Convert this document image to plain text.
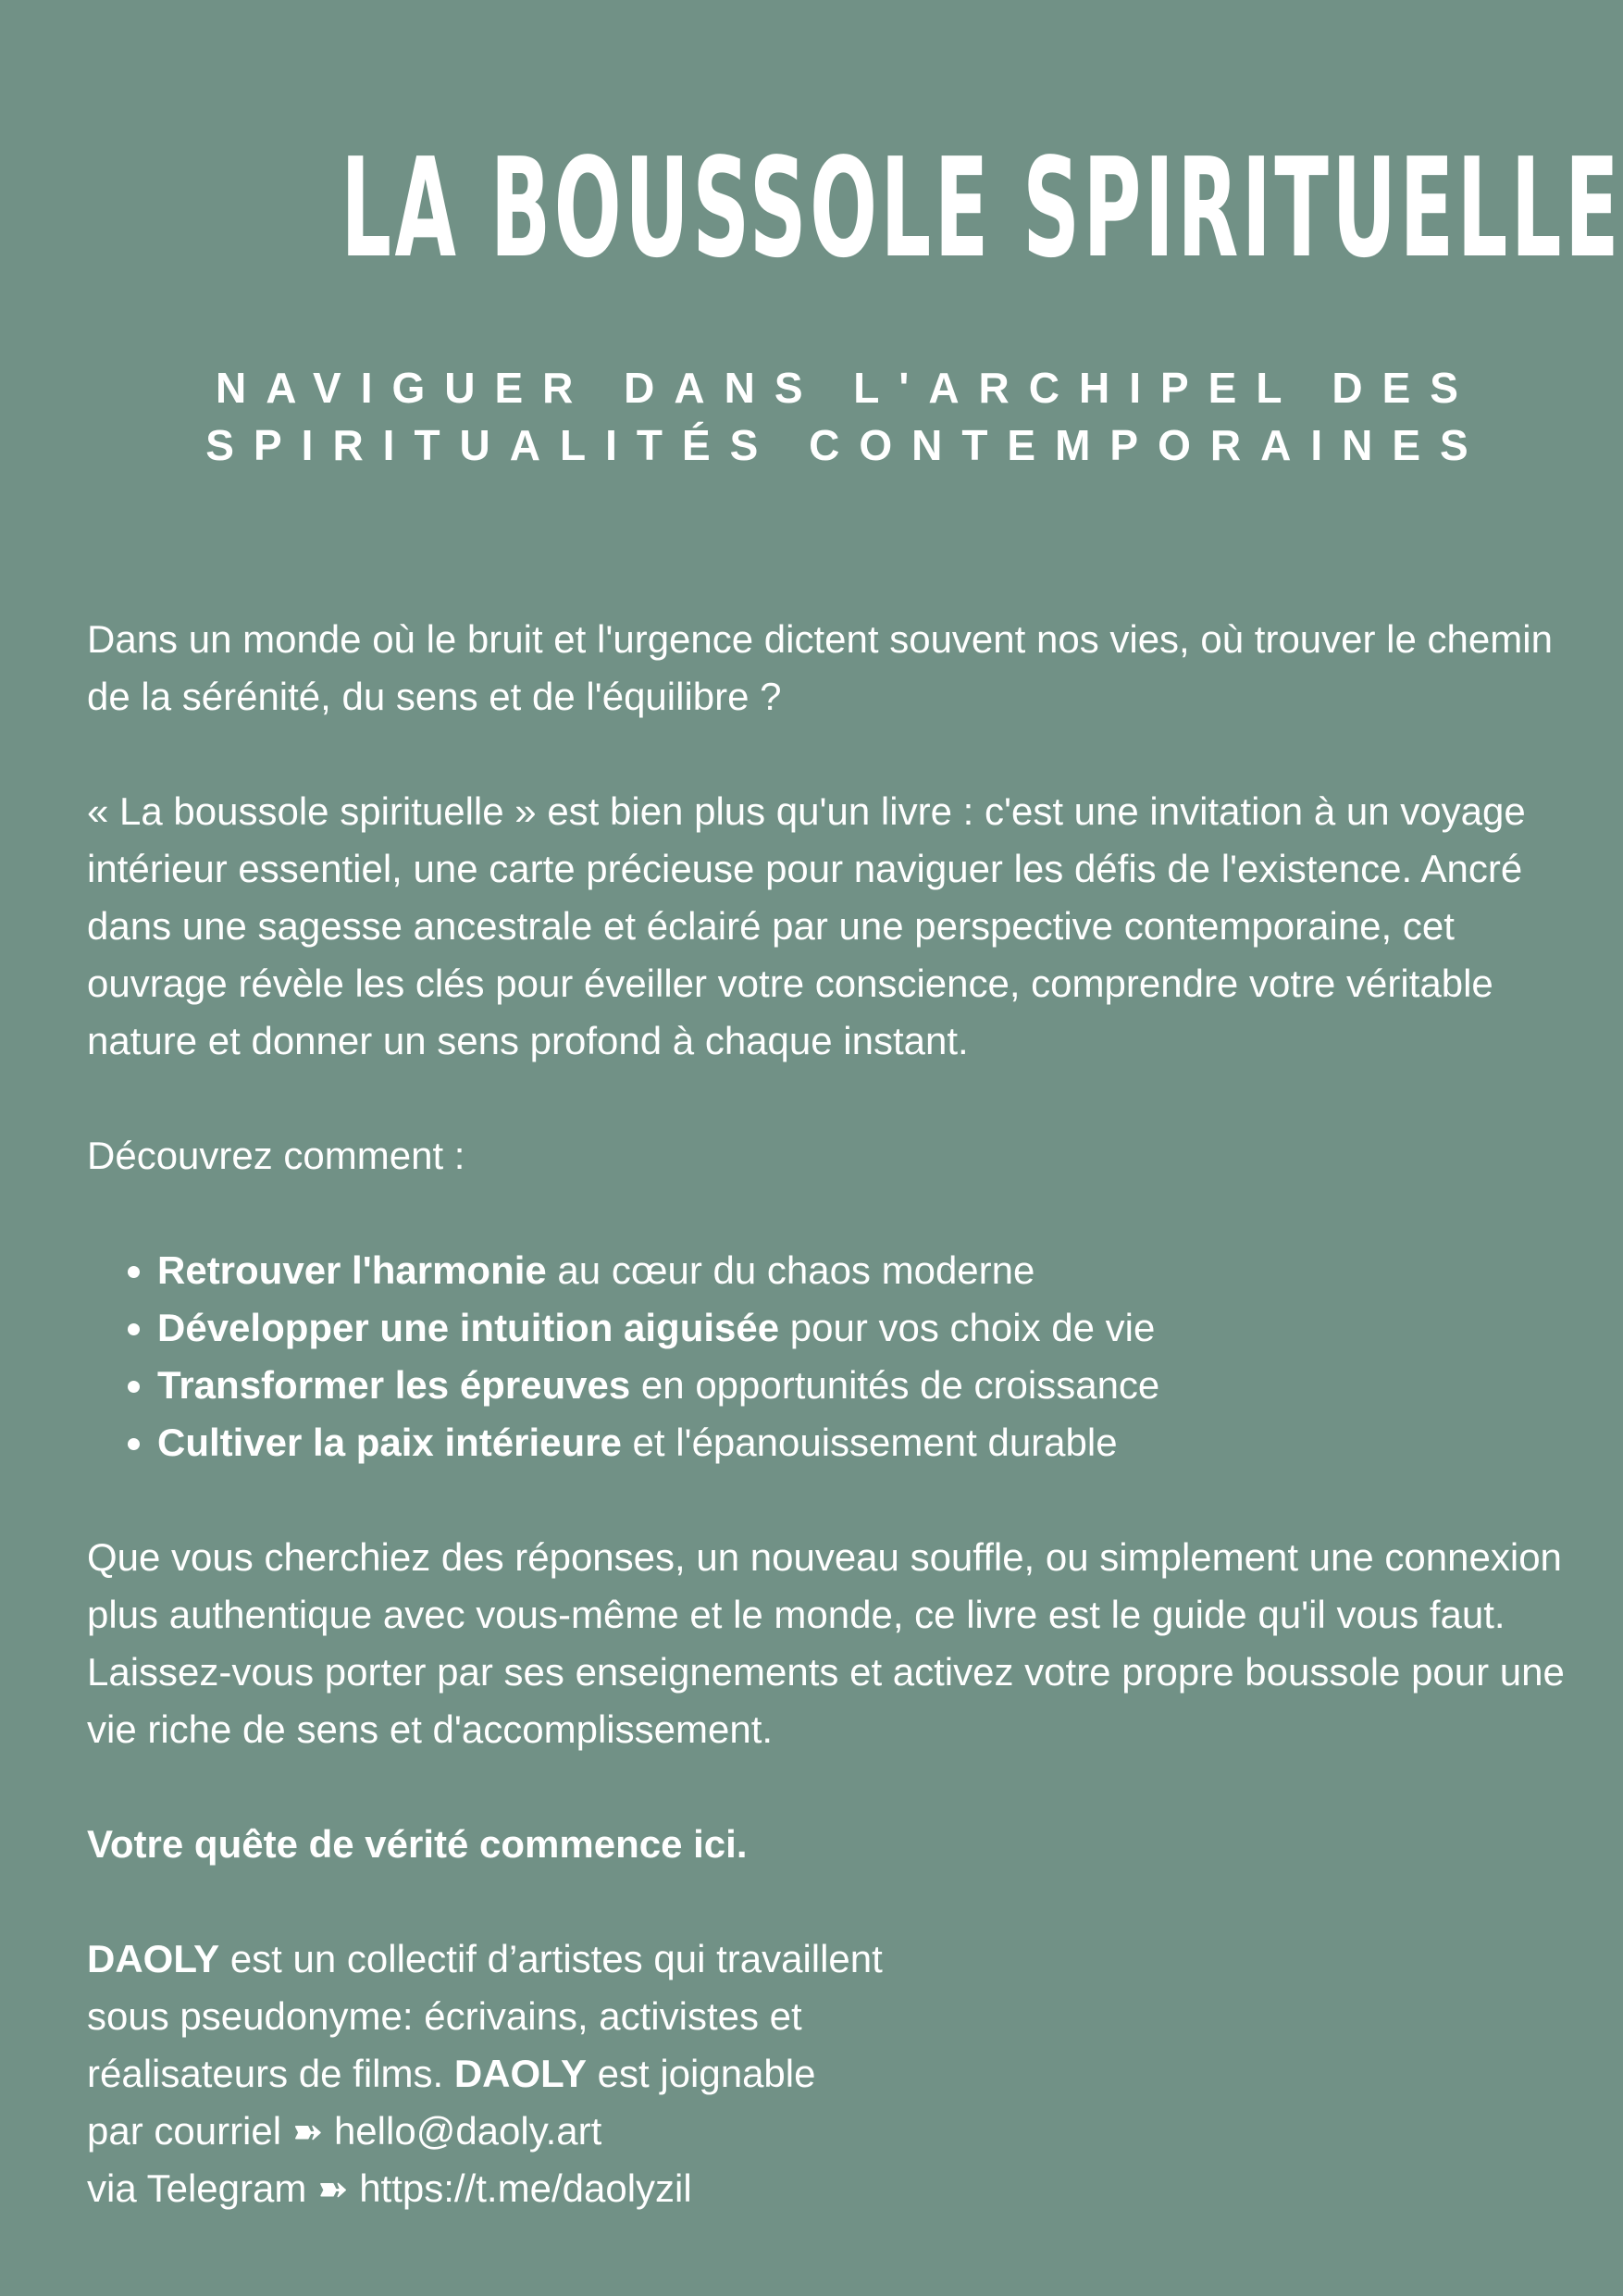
LA BOUSSOLE SPIRITUELLE
NAVIGUER DANS L'ARCHIPEL DES
SPIRITUALITÉS CONTEMPORAINES

Dans un monde où le bruit et l'urgence dictent souvent nos vies, où trouver le chemin de la sérénité, du sens et de l'équilibre ?

« La boussole spirituelle » est bien plus qu'un livre : c'est une invitation à un voyage intérieur essentiel, une carte précieuse pour naviguer les défis de l'existence. Ancré dans une sagesse ancestrale et éclairé par une perspective contemporaine, cet ouvrage révèle les clés pour éveiller votre conscience, comprendre votre véritable nature et donner un sens profond à chaque instant.

Découvrez comment :

• Retrouver l'harmonie au cœur du chaos moderne
• Développer une intuition aiguisée pour vos choix de vie
• Transformer les épreuves en opportunités de croissance
• Cultiver la paix intérieure et l'épanouissement durable

Que vous cherchiez des réponses, un nouveau souffle, ou simplement une connexion plus authentique avec vous-même et le monde, ce livre est le guide qu'il vous faut. Laissez-vous porter par ses enseignements et activez votre propre boussole pour une vie riche de sens et d'accomplissement.

Votre quête de vérité commence ici.

DAOLY est un collectif d’artistes qui travaillent
sous pseudonyme: écrivains, activistes et
réalisateurs de films. DAOLY est joignable
par courriel ➽ hello@daoly.art
via Telegram ➽ https://t.me/daolyzil
